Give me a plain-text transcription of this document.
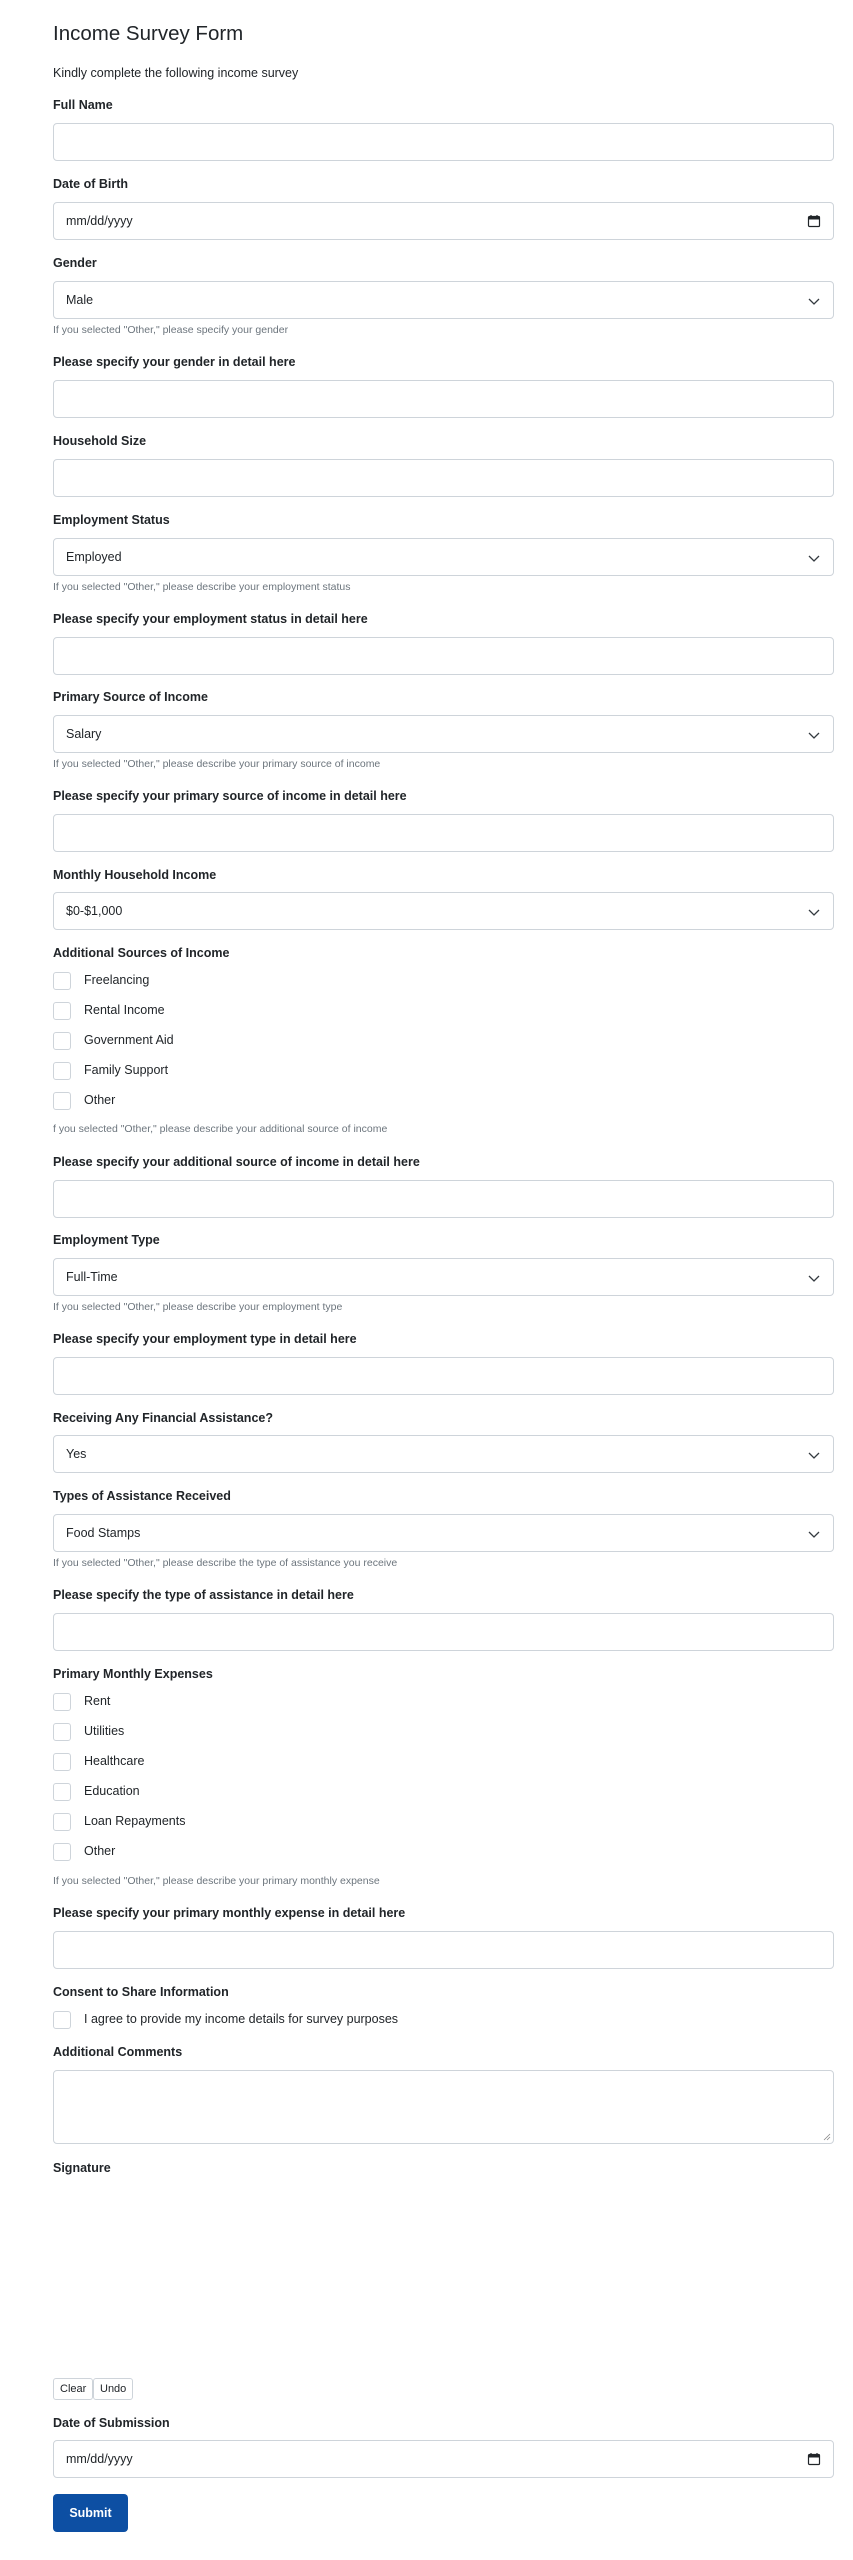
Income Survey Form
Kindly complete the following income survey
Full Name
Date of Birth
mm/dd/yyyy
Gender
Male
If you selected "Other," please specify your gender
Please specify your gender in detail here
Household Size
Employment Status
Employed
If you selected "Other," please describe your employment status
Please specify your employment status in detail here
Primary Source of Income
Salary
If you selected "Other," please describe your primary source of income
Please specify your primary source of income in detail here
Monthly Household Income
$0-$1,000
Additional Sources of Income
Freelancing
Rental Income
Government Aid
Family Support
Other
f you selected "Other," please describe your additional source of income
Please specify your additional source of income in detail here
Employment Type
Full-Time
If you selected "Other," please describe your employment type
Please specify your employment type in detail here
Receiving Any Financial Assistance?
Yes
Types of Assistance Received
Food Stamps
If you selected "Other," please describe the type of assistance you receive
Please specify the type of assistance in detail here
Primary Monthly Expenses
Rent
Utilities
Healthcare
Education
Loan Repayments
Other
If you selected "Other," please describe your primary monthly expense
Please specify your primary monthly expense in detail here
Consent to Share Information
I agree to provide my income details for survey purposes
Additional Comments
Signature
Clear	Undo
Date of Submission
mm/dd/yyyy
Submit
